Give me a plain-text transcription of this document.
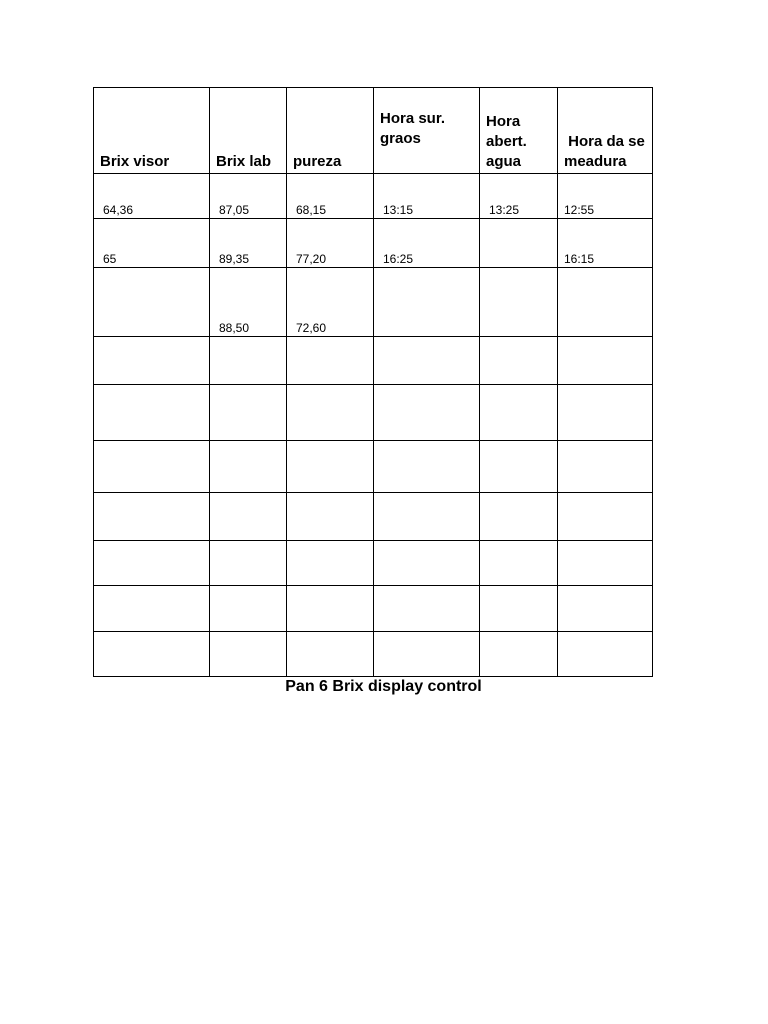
Brix visor	Brix lab	pureza	Hora sur. graos	Hora abert. agua	Hora da semeadura
64,36	87,05	68,15	13:15	13:25	12:55
65	89,35	77,20	16:25		16:15
	88,50	72,60			

Pan 6 Brix display control
